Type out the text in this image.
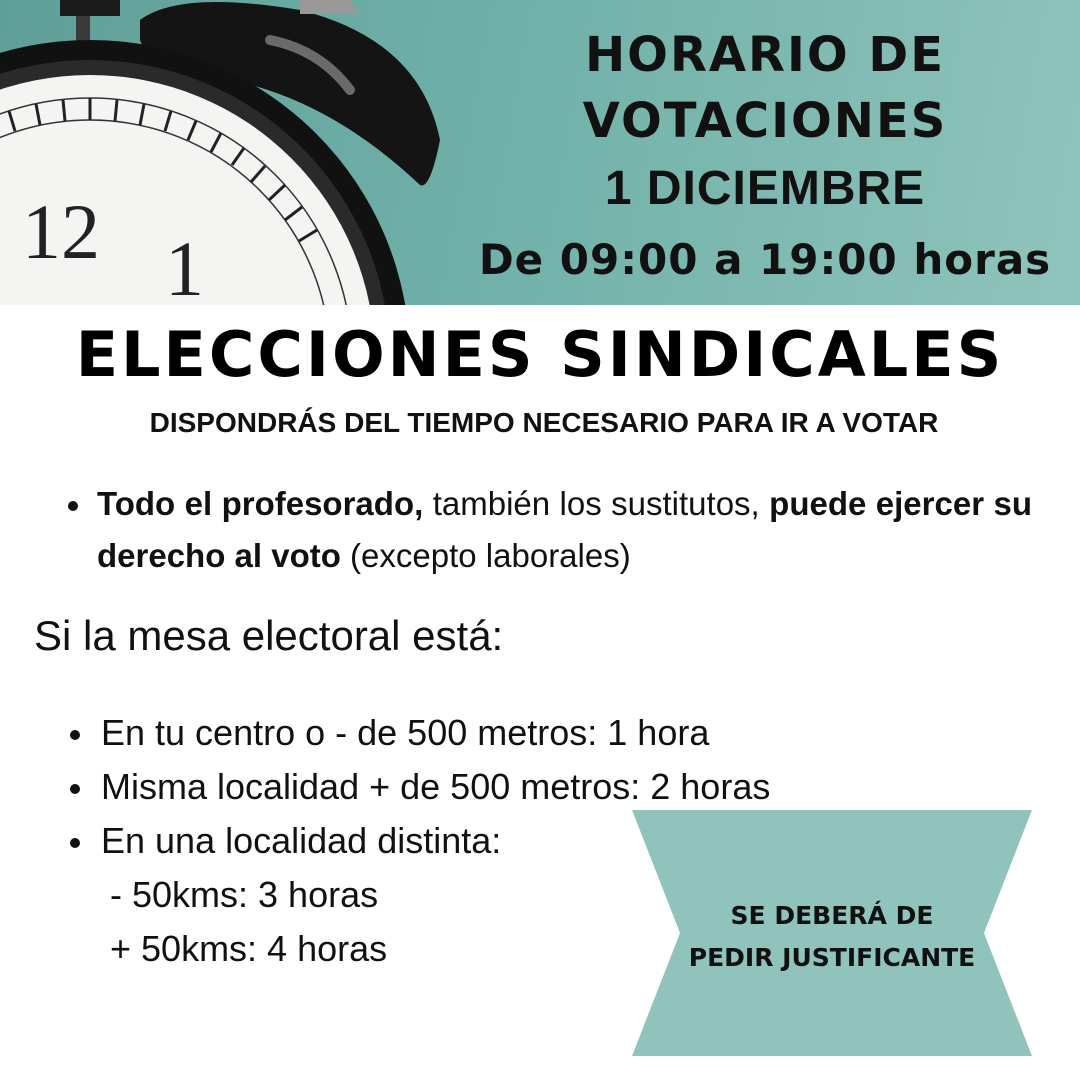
12 1
HORARIO DE
VOTACIONES
1 DICIEMBRE
De 09:00 a 19:00 horas
ELECCIONES SINDICALES
DISPONDRÁS DEL TIEMPO NECESARIO PARA IR A VOTAR
Todo el profesorado, también los sustitutos, puede ejercer su derecho al voto (excepto laborales)
Si la mesa electoral está:
En tu centro o - de 500 metros: 1 hora
Misma localidad + de 500 metros: 2 horas
En una localidad distinta:
- 50kms: 3 horas
+ 50kms: 4 horas
SE DEBERÁ DE
PEDIR JUSTIFICANTE
